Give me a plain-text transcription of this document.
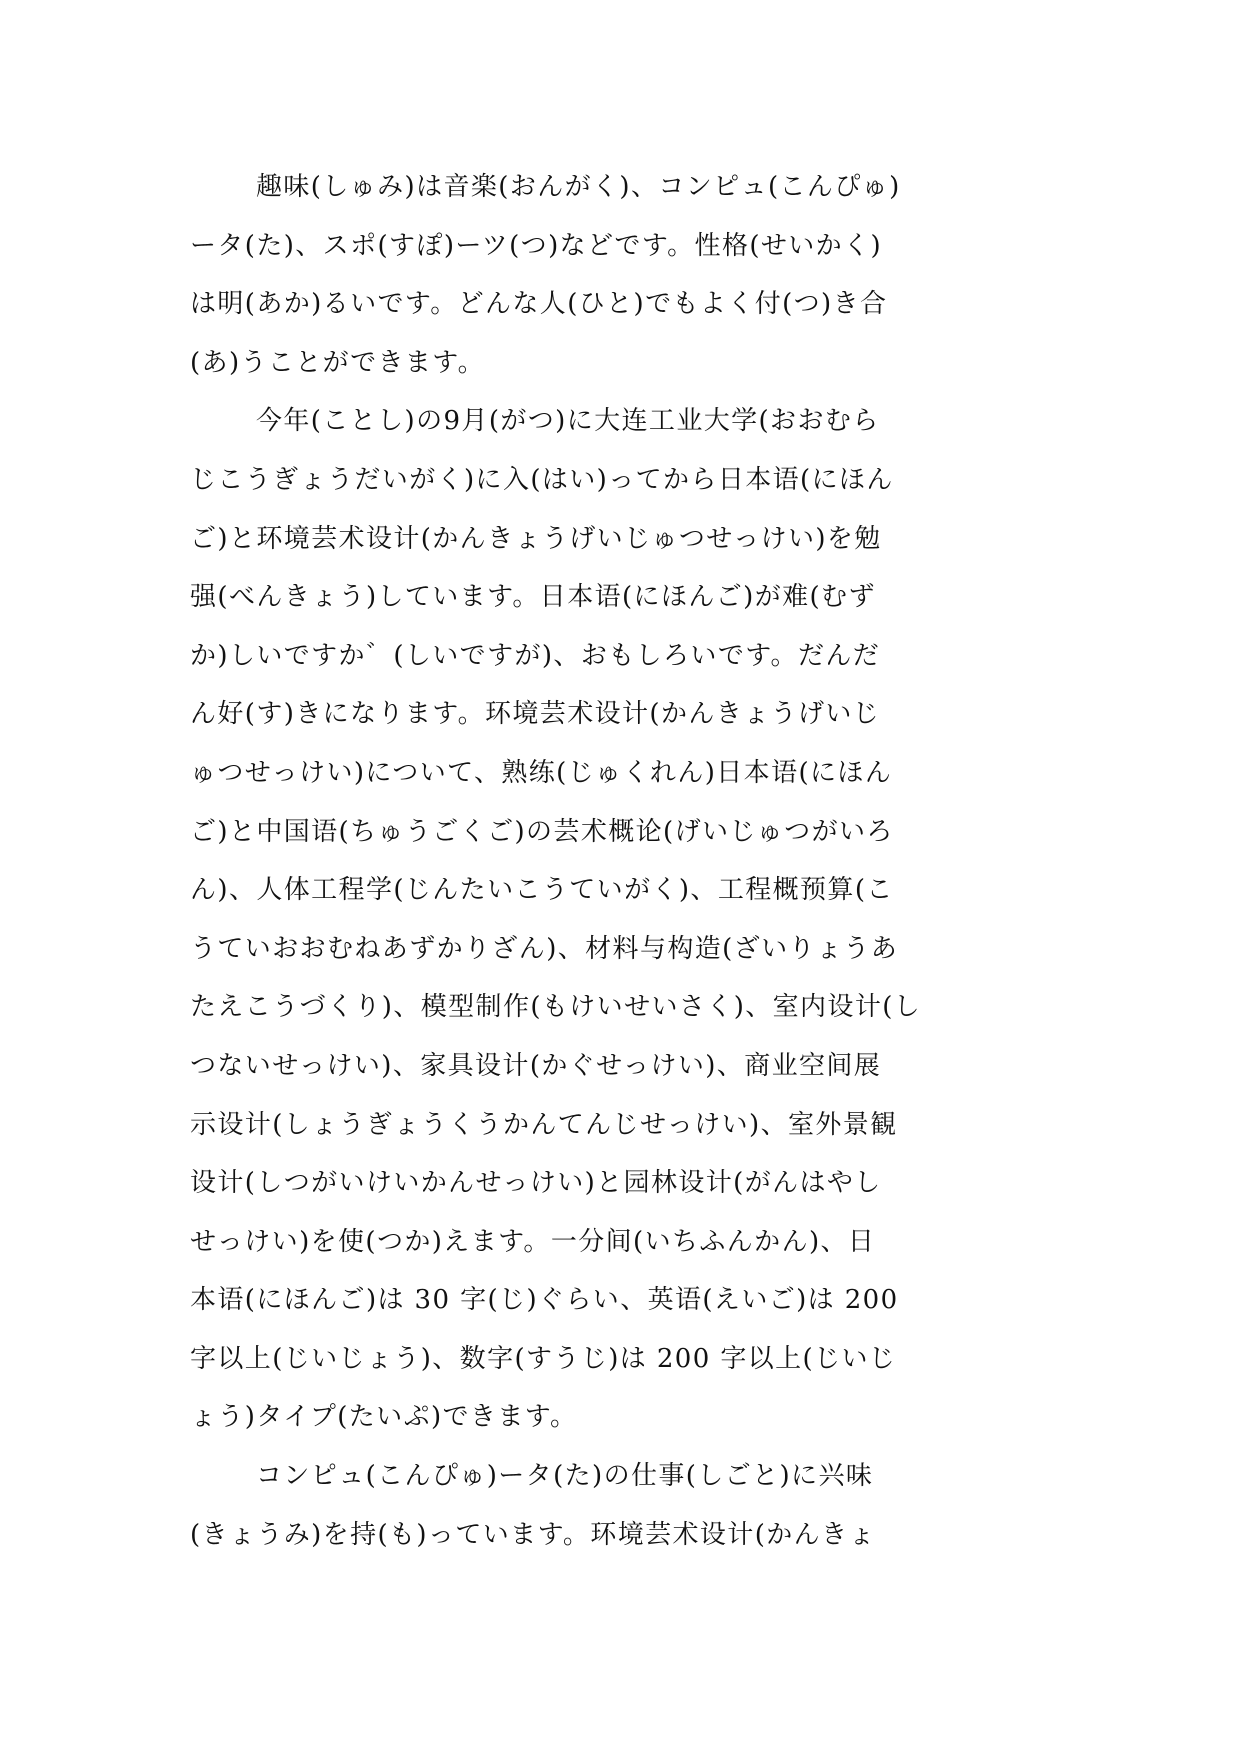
趣味(しゅみ)は音楽(おんがく)、コンピュ(こんぴゅ)
ータ(た)、スポ(すぽ)ーツ(つ)などです。性格(せいかく)
は明(あか)るいです。どんな人(ひと)でもよく付(つ)き合
(あ)うことができます。
今年(ことし)の9月(がつ)に大连工业大学(おおむら
じこうぎょうだいがく)に入(はい)ってから日本语(にほん
ご)と环境芸术设计(かんきょうげいじゅつせっけい)を勉
强(べんきょう)しています。日本语(にほんご)が难(むず
か)しいですか゛(しいですが)、おもしろいです。だんだ
ん好(す)きになります。环境芸术设计(かんきょうげいじ
ゅつせっけい)について、熟练(じゅくれん)日本语(にほん
ご)と中国语(ちゅうごくご)の芸术概论(げいじゅつがいろ
ん)、人体工程学(じんたいこうていがく)、工程概预算(こ
うていおおむねあずかりざん)、材料与构造(ざいりょうあ
たえこうづくり)、模型制作(もけいせいさく)、室内设计(し
つないせっけい)、家具设计(かぐせっけい)、商业空间展
示设计(しょうぎょうくうかんてんじせっけい)、室外景観
设计(しつがいけいかんせっけい)と园林设计(がんはやし
せっけい)を使(つか)えます。一分间(いちふんかん)、日
本语(にほんご)は 30 字(じ)ぐらい、英语(えいご)は 200
字以上(じいじょう)、数字(すうじ)は 200 字以上(じいじ
ょう)タイプ(たいぷ)できます。
コンピュ(こんぴゅ)ータ(た)の仕事(しごと)に兴味
(きょうみ)を持(も)っています。环境芸术设计(かんきょ
